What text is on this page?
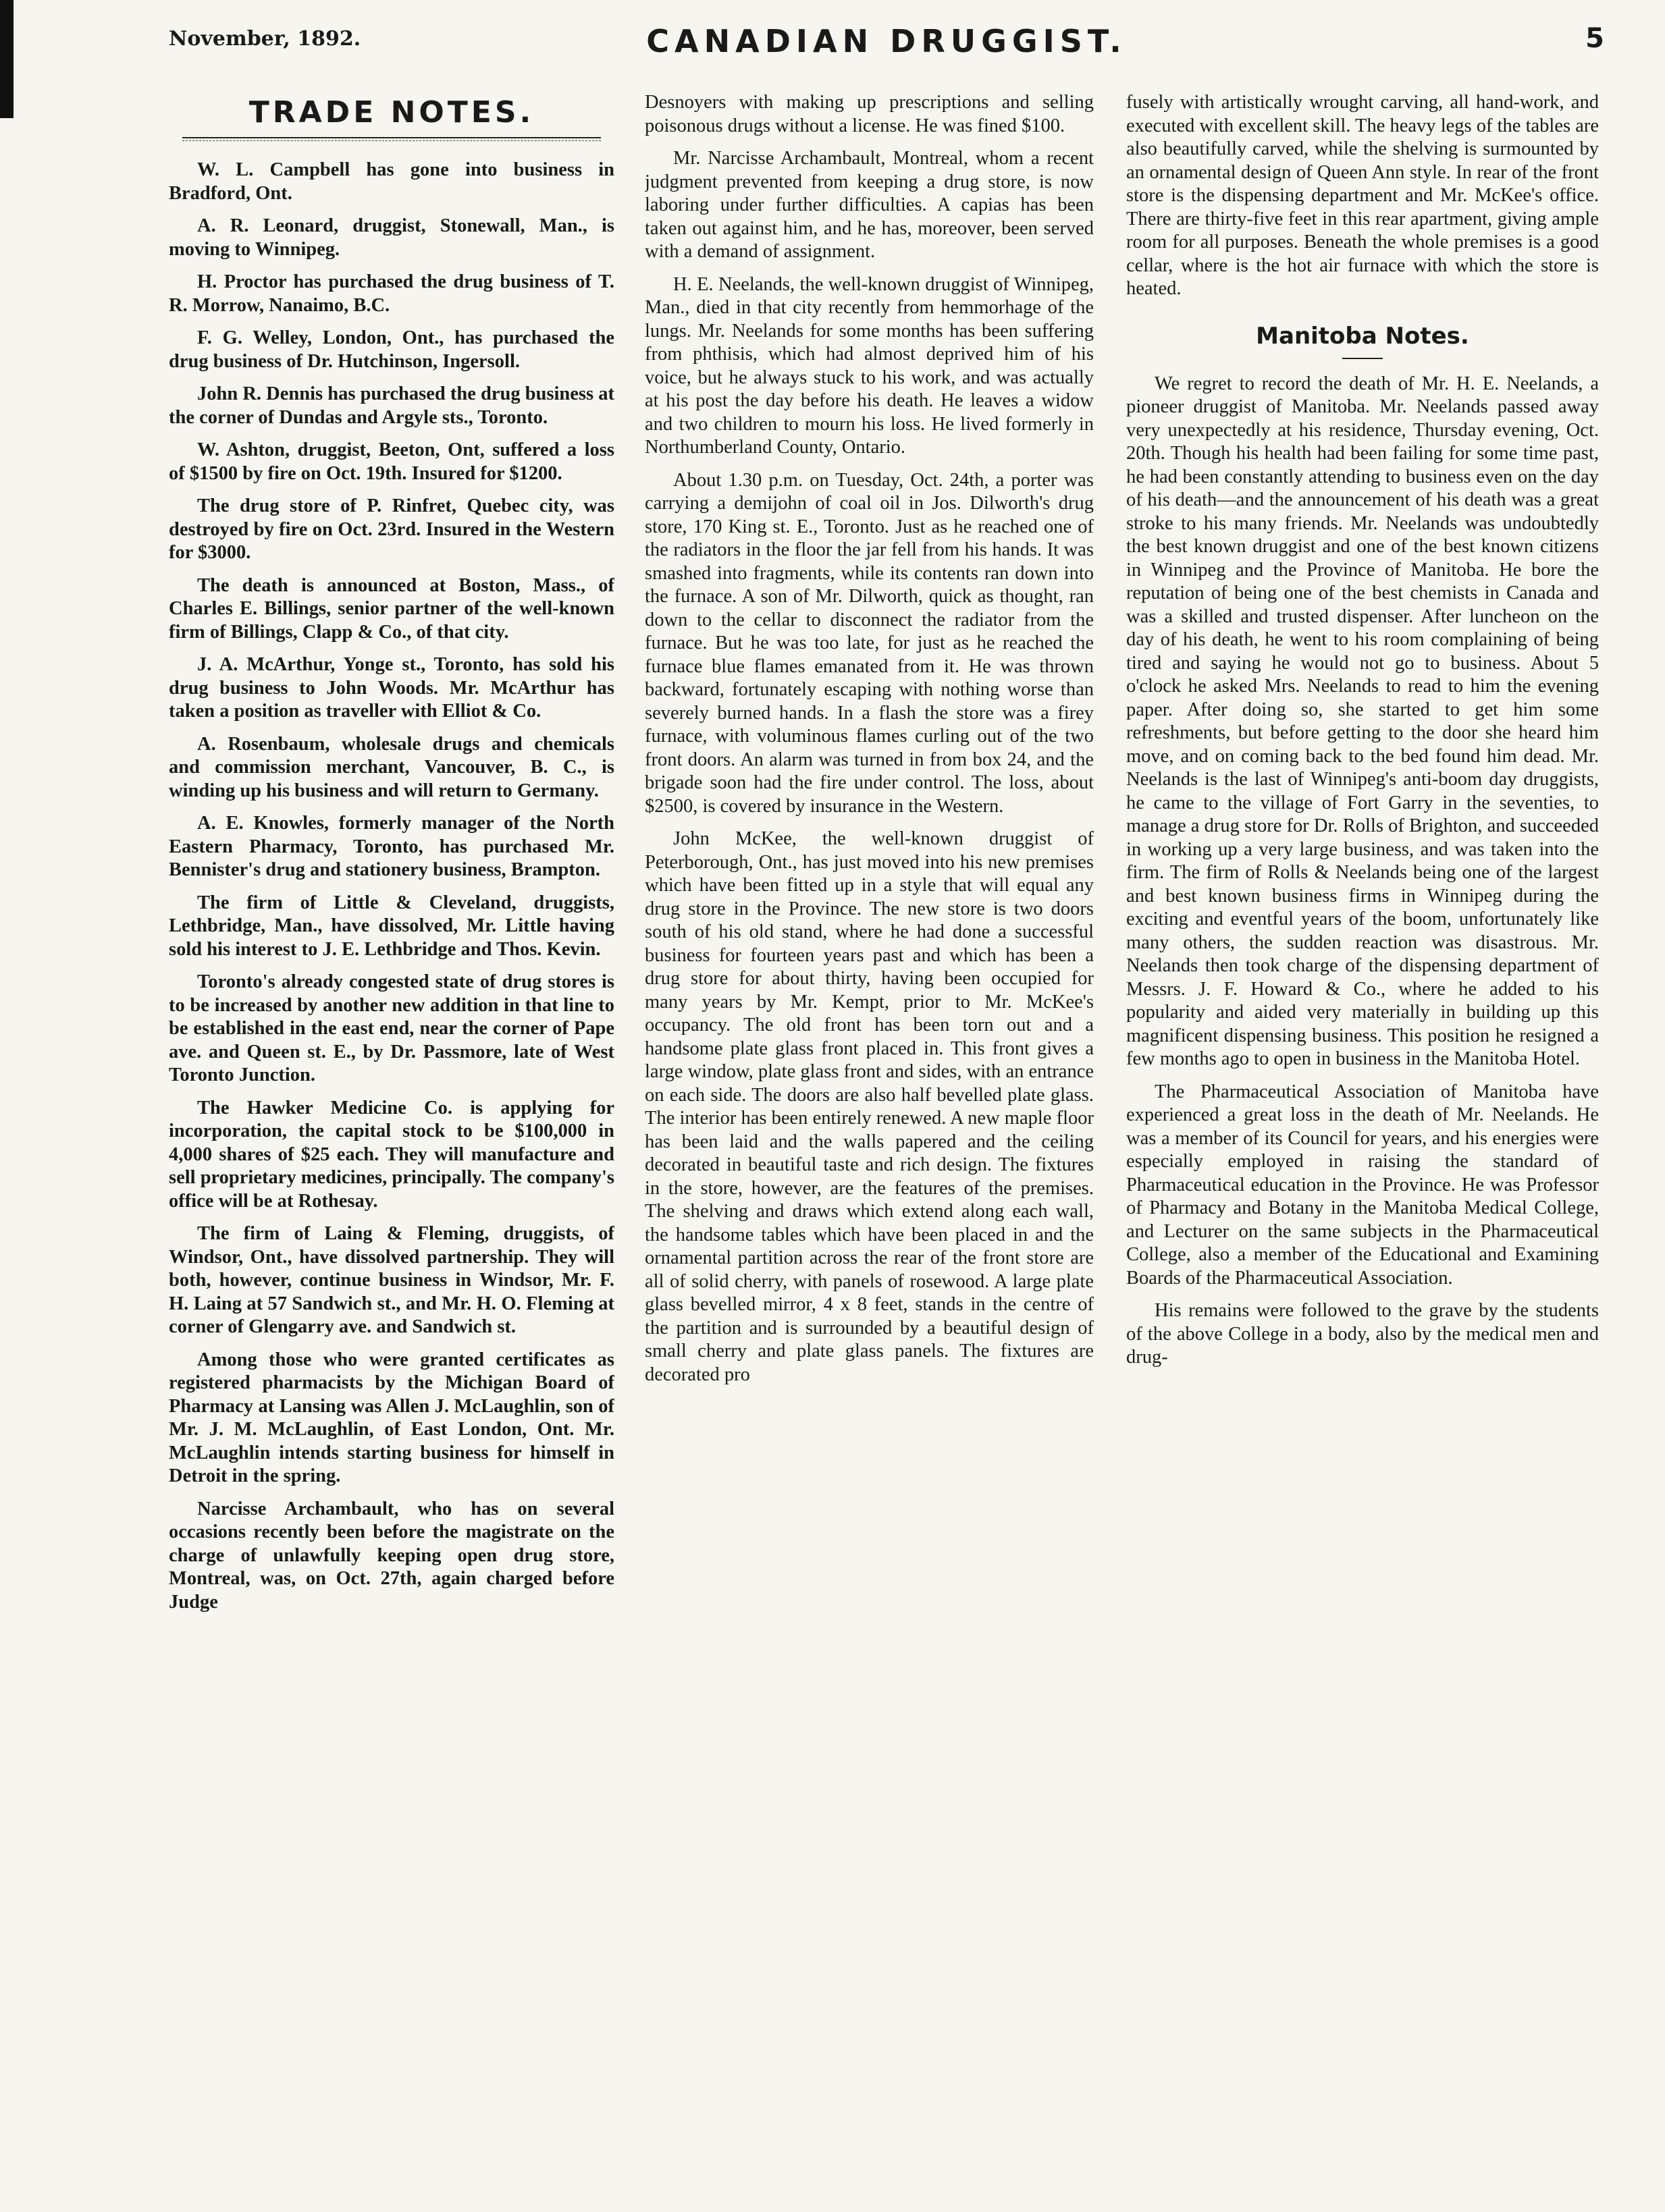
November, 1892.	CANADIAN DRUGGIST.	5
TRADE NOTES.

W. L. Campbell has gone into business in Bradford, Ont.

A. R. Leonard, druggist, Stonewall, Man., is moving to Winnipeg.

H. Proctor has purchased the drug business of T. R. Morrow, Nanaimo, B.C.

F. G. Welley, London, Ont., has purchased the drug business of Dr. Hutchinson, Ingersoll.

John R. Dennis has purchased the drug business at the corner of Dundas and Argyle sts., Toronto.

W. Ashton, druggist, Beeton, Ont, suffered a loss of $1500 by fire on Oct. 19th. Insured for $1200.

The drug store of P. Rinfret, Quebec city, was destroyed by fire on Oct. 23rd. Insured in the Western for $3000.

The death is announced at Boston, Mass., of Charles E. Billings, senior partner of the well-known firm of Billings, Clapp & Co., of that city.

J. A. McArthur, Yonge st., Toronto, has sold his drug business to John Woods. Mr. McArthur has taken a position as traveller with Elliot & Co.

A. Rosenbaum, wholesale drugs and chemicals and commission merchant, Vancouver, B. C., is winding up his business and will return to Germany.

A. E. Knowles, formerly manager of the North Eastern Pharmacy, Toronto, has purchased Mr. Bennister's drug and stationery business, Brampton.

The firm of Little & Cleveland, druggists, Lethbridge, Man., have dissolved, Mr. Little having sold his interest to J. E. Lethbridge and Thos. Kevin.

Toronto's already congested state of drug stores is to be increased by another new addition in that line to be established in the east end, near the corner of Pape ave. and Queen st. E., by Dr. Passmore, late of West Toronto Junction.

The Hawker Medicine Co. is applying for incorporation, the capital stock to be $100,000 in 4,000 shares of $25 each. They will manufacture and sell proprietary medicines, principally. The company's office will be at Rothesay.

The firm of Laing & Fleming, druggists, of Windsor, Ont., have dissolved partnership. They will both, however, continue business in Windsor, Mr. F. H. Laing at 57 Sandwich st., and Mr. H. O. Fleming at corner of Glengarry ave. and Sandwich st.

Among those who were granted certificates as registered pharmacists by the Michigan Board of Pharmacy at Lansing was Allen J. McLaughlin, son of Mr. J. M. McLaughlin, of East London, Ont. Mr. McLaughlin intends starting business for himself in Detroit in the spring.

Narcisse Archambault, who has on several occasions recently been before the magistrate on the charge of unlawfully keeping open drug store, Montreal, was, on Oct. 27th, again charged before Judge

Desnoyers with making up prescriptions and selling poisonous drugs without a license. He was fined $100.

Mr. Narcisse Archambault, Montreal, whom a recent judgment prevented from keeping a drug store, is now laboring under further difficulties. A capias has been taken out against him, and he has, moreover, been served with a demand of assignment.

H. E. Neelands, the well-known druggist of Winnipeg, Man., died in that city recently from hemmorhage of the lungs. Mr. Neelands for some months has been suffering from phthisis, which had almost deprived him of his voice, but he always stuck to his work, and was actually at his post the day before his death. He leaves a widow and two children to mourn his loss. He lived formerly in Northumberland County, Ontario.

About 1.30 p.m. on Tuesday, Oct. 24th, a porter was carrying a demijohn of coal oil in Jos. Dilworth's drug store, 170 King st. E., Toronto. Just as he reached one of the radiators in the floor the jar fell from his hands. It was smashed into fragments, while its contents ran down into the furnace. A son of Mr. Dilworth, quick as thought, ran down to the cellar to disconnect the radiator from the furnace. But he was too late, for just as he reached the furnace blue flames emanated from it. He was thrown backward, fortunately escaping with nothing worse than severely burned hands. In a flash the store was a firey furnace, with voluminous flames curling out of the two front doors. An alarm was turned in from box 24, and the brigade soon had the fire under control. The loss, about $2500, is covered by insurance in the Western.

John McKee, the well-known druggist of Peterborough, Ont., has just moved into his new premises which have been fitted up in a style that will equal any drug store in the Province. The new store is two doors south of his old stand, where he had done a successful business for fourteen years past and which has been a drug store for about thirty, having been occupied for many years by Mr. Kempt, prior to Mr. McKee's occupancy. The old front has been torn out and a handsome plate glass front placed in. This front gives a large window, plate glass front and sides, with an entrance on each side. The doors are also half bevelled plate glass. The interior has been entirely renewed. A new maple floor has been laid and the walls papered and the ceiling decorated in beautiful taste and rich design. The fixtures in the store, however, are the features of the premises. The shelving and draws which extend along each wall, the handsome tables which have been placed in and the ornamental partition across the rear of the front store are all of solid cherry, with panels of rosewood. A large plate glass bevelled mirror, 4 x 8 feet, stands in the centre of the partition and is surrounded by a beautiful design of small cherry and plate glass panels. The fixtures are decorated pro

fusely with artistically wrought carving, all hand-work, and executed with excellent skill. The heavy legs of the tables are also beautifully carved, while the shelving is surmounted by an ornamental design of Queen Ann style. In rear of the front store is the dispensing department and Mr. McKee's office. There are thirty-five feet in this rear apartment, giving ample room for all purposes. Beneath the whole premises is a good cellar, where is the hot air furnace with which the store is heated.

Manitoba Notes.

We regret to record the death of Mr. H. E. Neelands, a pioneer druggist of Manitoba. Mr. Neelands passed away very unexpectedly at his residence, Thursday evening, Oct. 20th. Though his health had been failing for some time past, he had been constantly attending to business even on the day of his death—and the announcement of his death was a great stroke to his many friends. Mr. Neelands was undoubtedly the best known druggist and one of the best known citizens in Winnipeg and the Province of Manitoba. He bore the reputation of being one of the best chemists in Canada and was a skilled and trusted dispenser. After luncheon on the day of his death, he went to his room complaining of being tired and saying he would not go to business. About 5 o'clock he asked Mrs. Neelands to read to him the evening paper. After doing so, she started to get him some refreshments, but before getting to the door she heard him move, and on coming back to the bed found him dead. Mr. Neelands is the last of Winnipeg's anti-boom day druggists, he came to the village of Fort Garry in the seventies, to manage a drug store for Dr. Rolls of Brighton, and succeeded in working up a very large business, and was taken into the firm. The firm of Rolls & Neelands being one of the largest and best known business firms in Winnipeg during the exciting and eventful years of the boom, unfortunately like many others, the sudden reaction was disastrous. Mr. Neelands then took charge of the dispensing department of Messrs. J. F. Howard & Co., where he added to his popularity and aided very materially in building up this magnificent dispensing business. This position he resigned a few months ago to open in business in the Manitoba Hotel.

The Pharmaceutical Association of Manitoba have experienced a great loss in the death of Mr. Neelands. He was a member of its Council for years, and his energies were especially employed in raising the standard of Pharmaceutical education in the Province. He was Professor of Pharmacy and Botany in the Manitoba Medical College, and Lecturer on the same subjects in the Pharmaceutical College, also a member of the Educational and Examining Boards of the Pharmaceutical Association.

His remains were followed to the grave by the students of the above College in a body, also by the medical men and drug-
